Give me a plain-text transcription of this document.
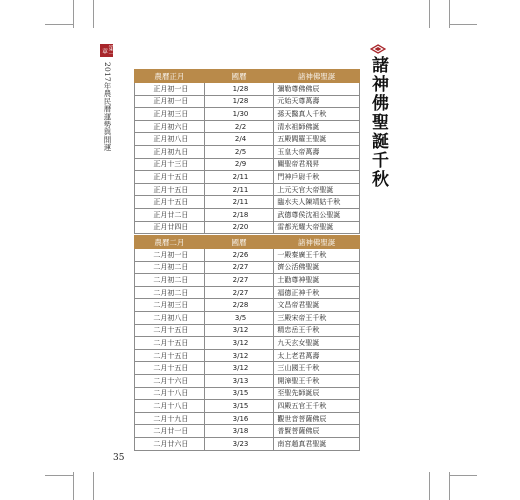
第一章
2017年農民曆運勢與開運	諸神佛聖誕千秋
農曆正月	國曆	諸神佛聖誕
正月初一日	1/28	彌勒尊佛佛辰
正月初一日	1/28	元始天尊萬壽
正月初三日	1/30	孫天醫真人千秋
正月初六日	2/2	清水祖師佛誕
正月初八日	2/4	五殿閻羅王聖誕
正月初九日	2/5	玉皇大帝萬壽
正月十三日	2/9	關聖帝君飛昇
正月十五日	2/11	門神戶尉千秋
正月十五日	2/11	上元天官大帝聖誕
正月十五日	2/11	臨水夫人陳靖姑千秋
正月廿二日	2/18	武德尊侯沈祖公聖誕
正月廿四日	2/20	雷都光耀大帝聖誕
農曆二月	國曆	諸神佛聖誕
二月初一日	2/26	一殿秦廣王千秋
二月初二日	2/27	濟公活佛聖誕
二月初二日	2/27	土勸尊神聖誕
二月初二日	2/27	福德正神千秋
二月初三日	2/28	文昌帝君聖誕
二月初八日	3/5	三殿宋帝王千秋
二月十五日	3/12	精忠岳王千秋
二月十五日	3/12	九天玄女聖誕
二月十五日	3/12	太上老君萬壽
二月十五日	3/12	三山國王千秋
二月十六日	3/13	開漳聖王千秋
二月十八日	3/15	至聖先師誕辰
二月十八日	3/15	四殿五官王千秋
二月十九日	3/16	觀世音菩薩佛辰
二月廿一日	3/18	普賢菩薩佛辰
二月廿六日	3/23	南宮趙真君聖誕
35
